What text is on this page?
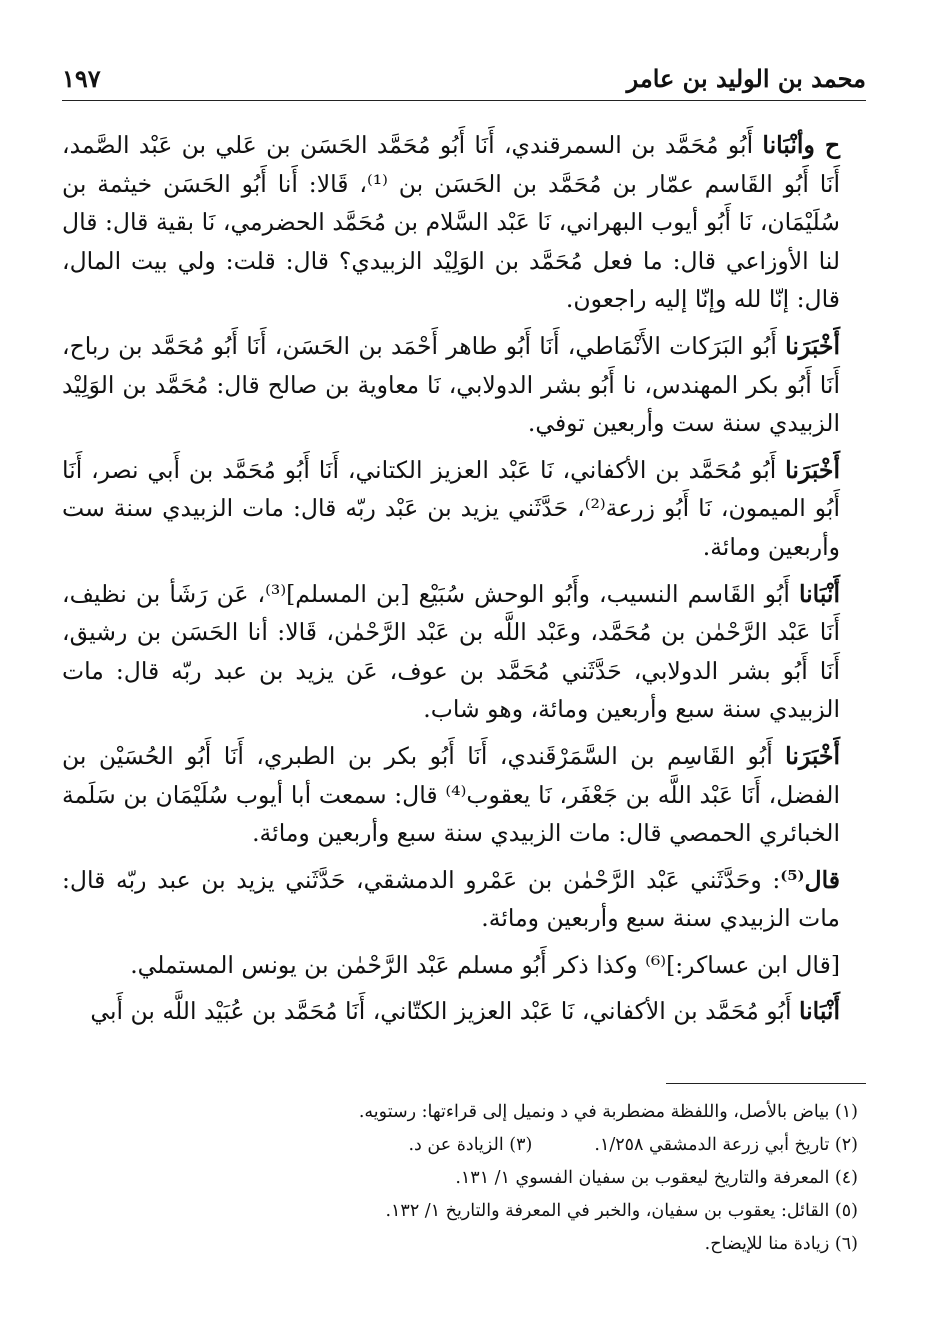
محمد بن الوليد بن عامر
١٩٧

ح وأنْبَانا أَبُو مُحَمَّد بن السمرقندي، أَنَا أَبُو مُحَمَّد الحَسَن بن عَلي بن عَبْد الصَّمد، أَنَا أَبُو القَاسم عمّار بن مُحَمَّد بن الحَسَن بن ⁽¹⁾، قَالا: أَنا أَبُو الحَسَن خيثمة بن سُلَيْمَان، نَا أَبُو أيوب البهراني، نَا عَبْد السَّلام بن مُحَمَّد الحضرمي، نَا بقية قال: قال لنا الأوزاعي قال: ما فعل مُحَمَّد بن الوَلِيْد الزبيدي؟ قال: قلت: ولي بيت المال، قال: إنّا لله وإنّا إليه راجعون.

أَخْبَرَنا أَبُو البَرَكات الأَنْمَاطي، أَنَا أَبُو طاهر أَحْمَد بن الحَسَن، أَنَا أَبُو مُحَمَّد بن رباح، أَنَا أَبُو بكر المهندس، نا أَبُو بشر الدولابي، نَا معاوية بن صالح قال: مُحَمَّد بن الوَلِيْد الزبيدي سنة ست وأربعين توفي.

أَخْبَرَنا أَبُو مُحَمَّد بن الأكفاني، نَا عَبْد العزيز الكتاني، أَنَا أَبُو مُحَمَّد بن أَبي نصر، أَنَا أَبُو الميمون، نَا أَبُو زرعة⁽²⁾، حَدَّثَني يزيد بن عَبْد ربّه قال: مات الزبيدي سنة ست وأربعين ومائة.

أَنْبَانا أَبُو القَاسم النسيب، وأَبُو الوحش سُبَيْع [بن المسلم]⁽³⁾، عَن رَشَأ بن نظيف، أَنَا عَبْد الرَّحْمٰن بن مُحَمَّد، وعَبْد اللَّه بن عَبْد الرَّحْمٰن، قَالا: أنا الحَسَن بن رشيق، أَنَا أَبُو بشر الدولابي، حَدَّثَني مُحَمَّد بن عوف، عَن يزيد بن عبد ربّه قال: مات الزبيدي سنة سبع وأربعين ومائة، وهو شاب.

أَخْبَرَنا أَبُو القَاسِم بن السَّمَرْقَندي، أَنَا أَبُو بكر بن الطبري، أَنَا أَبُو الحُسَيْن بن الفضل، أَنَا عَبْد اللَّه بن جَعْفَر، نَا يعقوب⁽⁴⁾ قال: سمعت أبا أيوب سُلَيْمَان بن سَلَمة الخبائري الحمصي قال: مات الزبيدي سنة سبع وأربعين ومائة.

قال⁽⁵⁾: وحَدَّثَني عَبْد الرَّحْمٰن بن عَمْرو الدمشقي، حَدَّثَني يزيد بن عبد ربّه قال: مات الزبيدي سنة سبع وأربعين ومائة.

[قال ابن عساكر:]⁽⁶⁾ وكذا ذكر أَبُو مسلم عَبْد الرَّحْمٰن بن يونس المستملي.

أَنْبَانا أَبُو مُحَمَّد بن الأكفاني، نَا عَبْد العزيز الكتّاني، أَنَا مُحَمَّد بن عُبَيْد اللَّه بن أَبي

(١) بياض بالأصل، واللفظة مضطربة في د ونميل إلى قراءتها: رستويه.

(٢) تاريخ أبي زرعة الدمشقي ١/٢٥٨.

(٣) الزيادة عن د.

(٤) المعرفة والتاريخ ليعقوب بن سفيان الفسوي ١/ ١٣١.

(٥) القائل: يعقوب بن سفيان، والخبر في المعرفة والتاريخ ١/ ١٣٢.

(٦) زيادة منا للإيضاح.
